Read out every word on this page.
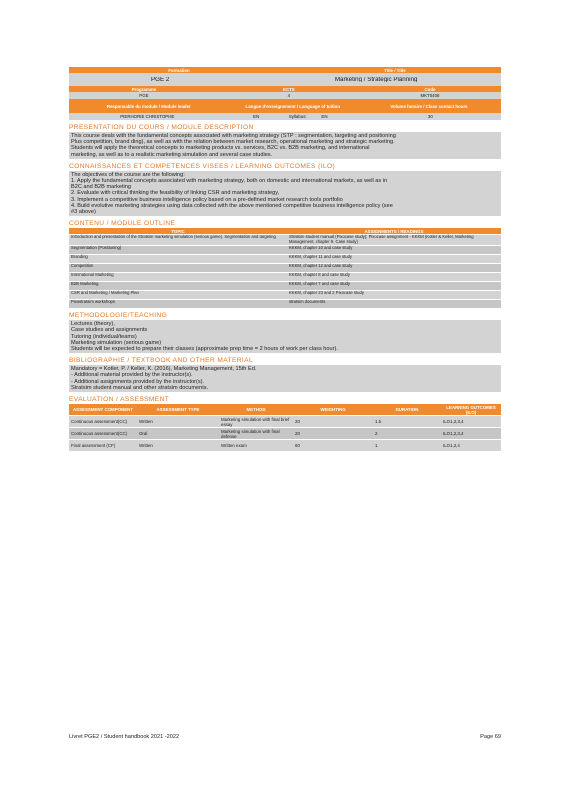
Formation	Title / Title
PGE 2	Marketing / Strategic Planning
Programme	ECTS	Code
PGE	4	MKT0408
Responsable du module / Module leader	Langue d'enseignement / Language of tuition	Volume horaire / Class contact hours
PIERHORIE CHRISTOPHE	EN	Syllabus:	EN	30
PRESENTATION DU COURS / MODULE DESCRIPTION
This course deals with the fundamental concepts associated with marketing strategy (STP : segmentation, targeting and positioning
Plus competition, brand ding), as well as with the relation between market research, operational marketing and strategic marketing.
Students will apply the theoretical concepts to marketing products vs. services, B2C vs. B2B marketing, and international
marketing, as well as to a realistic marketing simulation and several case studies.
CONNAISSANCES ET COMPETENCES VISEES / LEARNING OUTCOMES (ILO)
The objectives of the course are the following:
1. Apply the fundamental concepts associated with marketing strategy, both on domestic and international markets, as well as in
B2C and B2B marketing
2. Evaluate with critical thinking the feasibility of linking CSR and marketing strategy,
3. Implement a competitive business intelligence policy based on a pre-defined market research tools portfolio
4. Build evolutive marketing strategies using data collected with the above mentioned competitive business intelligence policy (see
#3 above)
CONTENU / MODULE OUTLINE
TOPIC	ASSIGNMENTS / READINGS
Introduction and presentation of the Stratsim marketing simulation (serious game). Segmentation and targeting	Stratsim student manual (Pixocase study); Pixocase assignment - KKKM (Kotler & Keller, Marketing Management, chapter 9. Case study)
Segmentation (Positioning)	KKKM, chapter 10 and case study
Branding	KKKM, chapter 11 and case study
Competition	KKKM, chapter 12 and case study
International Marketing	KKKM, chapter 8 and case study
B2B Marketing	KKKM, chapter 7 and case study
CSR and Marketing / Marketing Plan	KKKM, chapter 23 and 2 Pixocase study
Pixostratsim workshops	stratsim documents
METHODOLOGIE/TEACHING
Lectures (theory),
Case studies and assignments
Tutoring (individual/teams)
Marketing simulation (serious game)
Students will be expected to prepare their classes (approximate prep time = 2 hours of work per class hour).
BIBLIOGRAPHIE / TEXTBOOK AND OTHER MATERIAL
Mandatory = Kotler, P. / Keller, K. (2016), Marketing Management, 15th Ed.
- Additional material provided by the instructor(s).
- Additional assignments provided by the instructor(s).
Stratsim student manual and other stratsim documents.
EVALUATION / ASSESSMENT
ASSESSMENT COMPONENT	ASSESSMENT TYPE	METHOD	WEIGHTING	DURATION	LEARNING OUTCOMES (ILO)
Continuous assessment(CC)	Written	Marketing simulation with final brief essay	20	1.5	ILO1,2,3,4
Continuous assessment(CC)	Oral	Marketing simulation with final defense	20	2	ILO1,2,3,4
Final assessment (CF)	Written	Written exam	60	1	ILO1,2,4
Livret PGE2 / Student handbook 2021 -2022	Page 69
